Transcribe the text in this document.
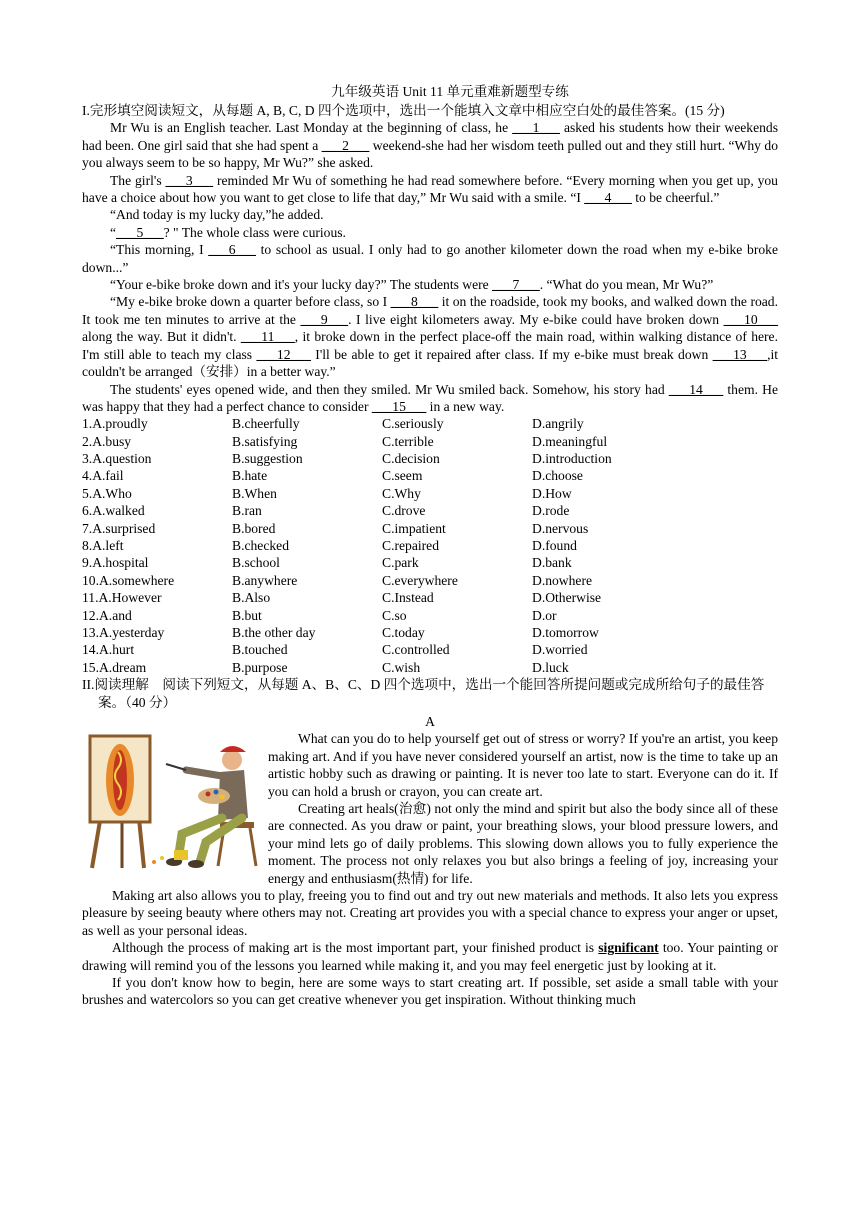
九年级英语 Unit 11 单元重难新题型专练
I.完形填空阅读短文，从每题 A, B, C, D 四个选项中，选出一个能填入文章中相应空白处的最佳答案。(15 分)

Mr Wu is an English teacher. Last Monday at the beginning of class, he ___1___ asked his students how their weekends had been. One girl said that she had spent a ___2___ weekend-she had her wisdom teeth pulled out and they still hurt. “Why do you always seem to be so happy, Mr Wu?” she asked.

The girl's ___3___ reminded Mr Wu of something he had read somewhere before. “Every morning when you get up, you have a choice about how you want to get close to life that day,” Mr Wu said with a smile. “I ___4___ to be cheerful.”

“And today is my lucky day,”he added.

“___5___? " The whole class were curious.

“This morning, I ___6___ to school as usual. I only had to go another kilometer down the road when my e-bike broke down...”

“Your e-bike broke down and it's your lucky day?” The students were ___7___. “What do you mean, Mr Wu?”

“My e-bike broke down a quarter before class, so I ___8___ it on the roadside, took my books, and walked down the road. It took me ten minutes to arrive at the ___9___. I live eight kilometers away. My e-bike could have broken down ___10___ along the way. But it didn't. ___11___, it broke down in the perfect place-off the main road, within walking distance of here. I'm still able to teach my class ___12___ I'll be able to get it repaired after class. If my e-bike must break down ___13___,it couldn't be arranged（安排）in a better way.”

The students' eyes opened wide, and then they smiled. Mr Wu smiled back. Somehow, his story had ___14___ them. He was happy that they had a perfect chance to consider ___15___ in a new way.

1.A.proudly	B.cheerfully	C.seriously	D.angrily
2.A.busy	B.satisfying	C.terrible	D.meaningful
3.A.question	B.suggestion	C.decision	D.introduction
4.A.fail	B.hate	C.seem	D.choose
5.A.Who	B.When	C.Why	D.How
6.A.walked	B.ran	C.drove	D.rode
7.A.surprised	B.bored	C.impatient	D.nervous
8.A.left	B.checked	C.repaired	D.found
9.A.hospital	B.school	C.park	D.bank
10.A.somewhere	B.anywhere	C.everywhere	D.nowhere
11.A.However	B.Also	C.Instead	D.Otherwise
12.A.and	B.but	C.so	D.or
13.A.yesterday	B.the other day	C.today	D.tomorrow
14.A.hurt	B.touched	C.controlled	D.worried
15.A.dream	B.purpose	C.wish	D.luck
II.阅读理解　阅读下列短文，从每题 A、B、C、D 四个选项中，选出一个能回答所提问题或完成所给句子的最佳答案。（40 分）
A

What can you do to help yourself get out of stress or worry? If you're an artist, you keep making art. And if you have never considered yourself an artist, now is the time to take up an artistic hobby such as drawing or painting. It is never too late to start. Everyone can do it. If you can hold a brush or crayon, you can create art.

Creating art heals(治愈) not only the mind and spirit but also the body since all of these are connected. As you draw or paint, your breathing slows, your blood pressure lowers, and your mind lets go of daily problems. This slowing down allows you to fully experience the moment. The process not only relaxes you but also brings a feeling of joy, increasing your energy and enthusiasm(热情) for life.

Making art also allows you to play, freeing you to find out and try out new materials and methods. It also lets you express pleasure by seeing beauty where others may not. Creating art provides you with a special chance to express your anger or upset, as well as your personal ideas.

Although the process of making art is the most important part, your finished product is significant too. Your painting or drawing will remind you of the lessons you learned while making it, and you may feel energetic just by looking at it.

If you don't know how to begin, here are some ways to start creating art. If possible, set aside a small table with your brushes and watercolors so you can get creative whenever you get inspiration. Without thinking much
